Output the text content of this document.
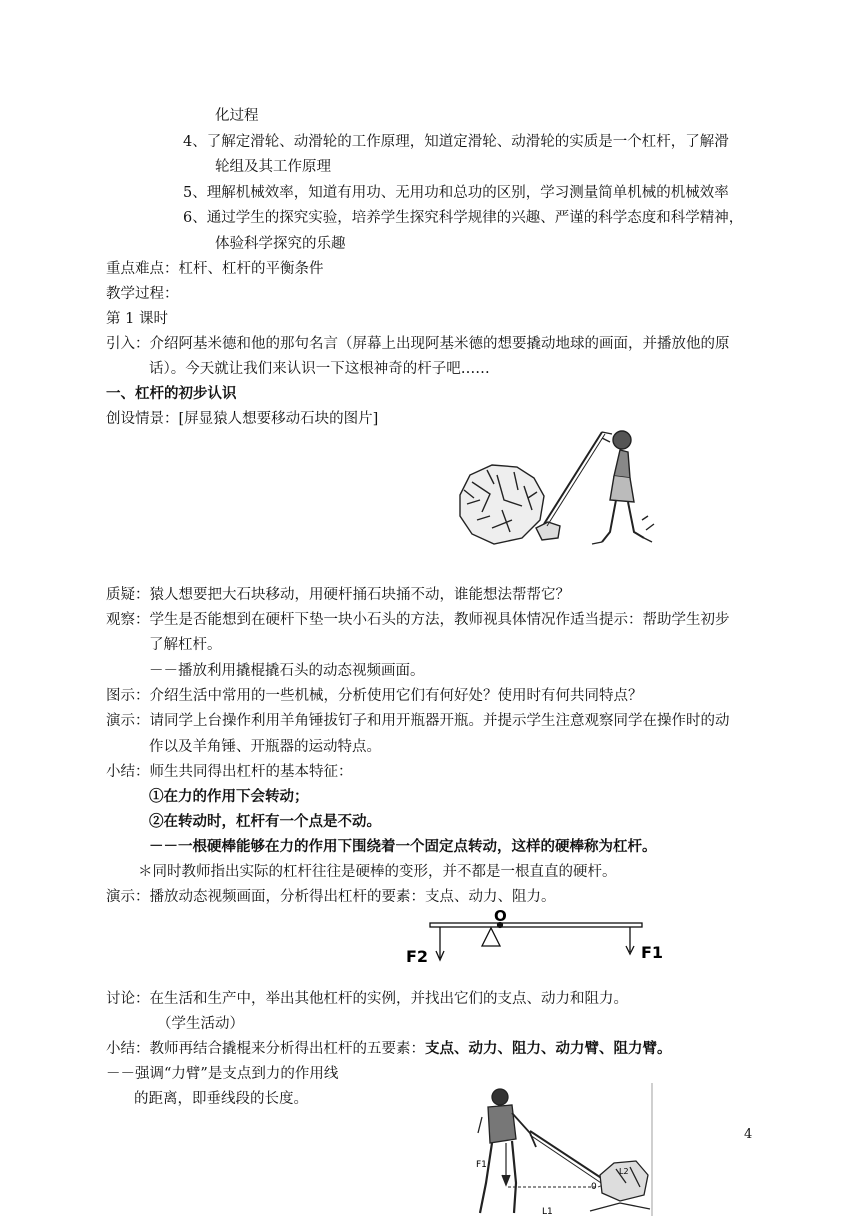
化过程
4、了解定滑轮、动滑轮的工作原理，知道定滑轮、动滑轮的实质是一个杠杆，了解滑
轮组及其工作原理
5、理解机械效率，知道有用功、无用功和总功的区别，学习测量简单机械的机械效率
6、通过学生的探究实验，培养学生探究科学规律的兴趣、严谨的科学态度和科学精神，
体验科学探究的乐趣
重点难点：杠杆、杠杆的平衡条件
教学过程：
第 1 课时
引入：介绍阿基米德和他的那句名言（屏幕上出现阿基米德的想要撬动地球的画面，并播放他的原
话）。今天就让我们来认识一下这根神奇的杆子吧……
一、杠杆的初步认识
创设情景：[屏显猿人想要移动石块的图片]
质疑：猿人想要把大石块移动，用硬杆捅石块捅不动，谁能想法帮帮它？
观察：学生是否能想到在硬杆下垫一块小石头的方法，教师视具体情况作适当提示：帮助学生初步
了解杠杆。
－－播放利用撬棍撬石头的动态视频画面。
图示：介绍生活中常用的一些机械，分析使用它们有何好处？使用时有何共同特点？
演示：请同学上台操作利用羊角锤拔钉子和用开瓶器开瓶。并提示学生注意观察同学在操作时的动
作以及羊角锤、开瓶器的运动特点。
小结：师生共同得出杠杆的基本特征：
①在力的作用下会转动；
②在转动时，杠杆有一个点是不动。
－－一根硬棒能够在力的作用下围绕着一个固定点转动，这样的硬棒称为杠杆。
＊同时教师指出实际的杠杆往往是硬棒的变形，并不都是一根直直的硬杆。
演示：播放动态视频画面，分析得出杠杆的要素：支点、动力、阻力。
O
F2	F1
讨论：在生活和生产中，举出其他杠杆的实例，并找出它们的支点、动力和阻力。
（学生活动）
小结：教师再结合撬棍来分析得出杠杆的五要素：支点、动力、阻力、动力臂、阻力臂。
－－强调“力臂”是支点到力的作用线
的距离，即垂线段的长度。
F1
L1
L2
0
4
